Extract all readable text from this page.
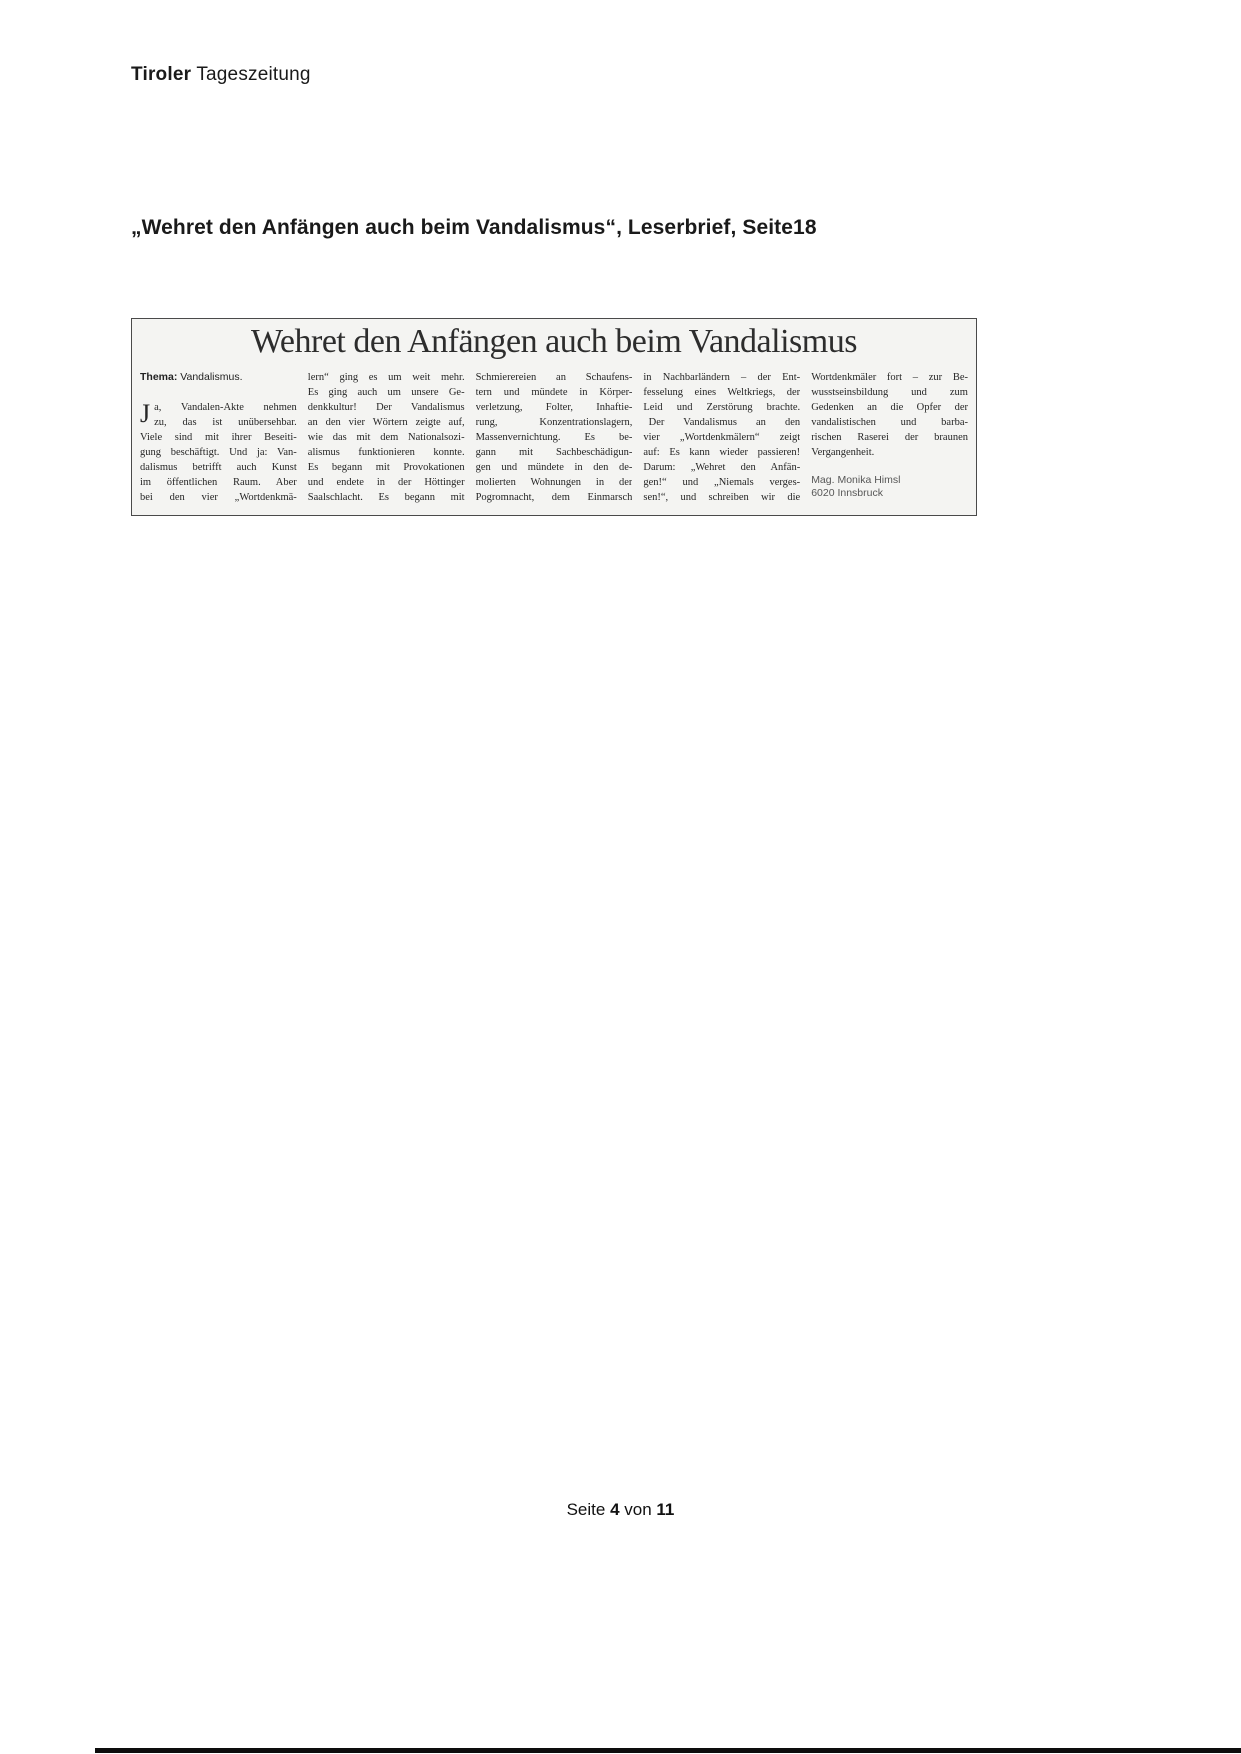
Tiroler Tageszeitung
„Wehret den Anfängen auch beim Vandalismus“, Leserbrief, Seite18
Wehret den Anfängen auch beim Vandalismus
Thema: Vandalismus.
J a, Vandalen-Akte nehmen
zu, das ist unübersehbar.
Viele sind mit ihrer Beseiti-
gung beschäftigt. Und ja: Van-
dalismus betrifft auch Kunst
im öffentlichen Raum. Aber
bei den vier „Wortdenkmä-
lern“ ging es um weit mehr.
Es ging auch um unsere Ge-
denkkultur! Der Vandalismus
an den vier Wörtern zeigte auf,
wie das mit dem Nationalsozi-
alismus funktionieren konnte.
Es begann mit Provokationen
und endete in der Höttinger
Saalschlacht. Es begann mit
Schmierereien an Schaufens-
tern und mündete in Körper-
verletzung, Folter, Inhaftie-
rung, Konzentrationslagern,
Massenvernichtung. Es be-
gann mit Sachbeschädigun-
gen und mündete in den de-
molierten Wohnungen in der
Pogromnacht, dem Einmarsch
in Nachbarländern – der Ent-
fesselung eines Weltkriegs, der
Leid und Zerstörung brachte.
 Der Vandalismus an den
vier „Wortdenkmälern“ zeigt
auf: Es kann wieder passieren!
Darum: „Wehret den Anfän-
gen!“ und „Niemals verges-
sen!“, und schreiben wir die
Wortdenkmäler fort – zur Be-
wusstseinsbildung und zum
Gedenken an die Opfer der
vandalistischen und barba-
rischen Raserei der braunen
Vergangenheit.
Mag. Monika Himsl
6020 Innsbruck
Seite 4 von 11
